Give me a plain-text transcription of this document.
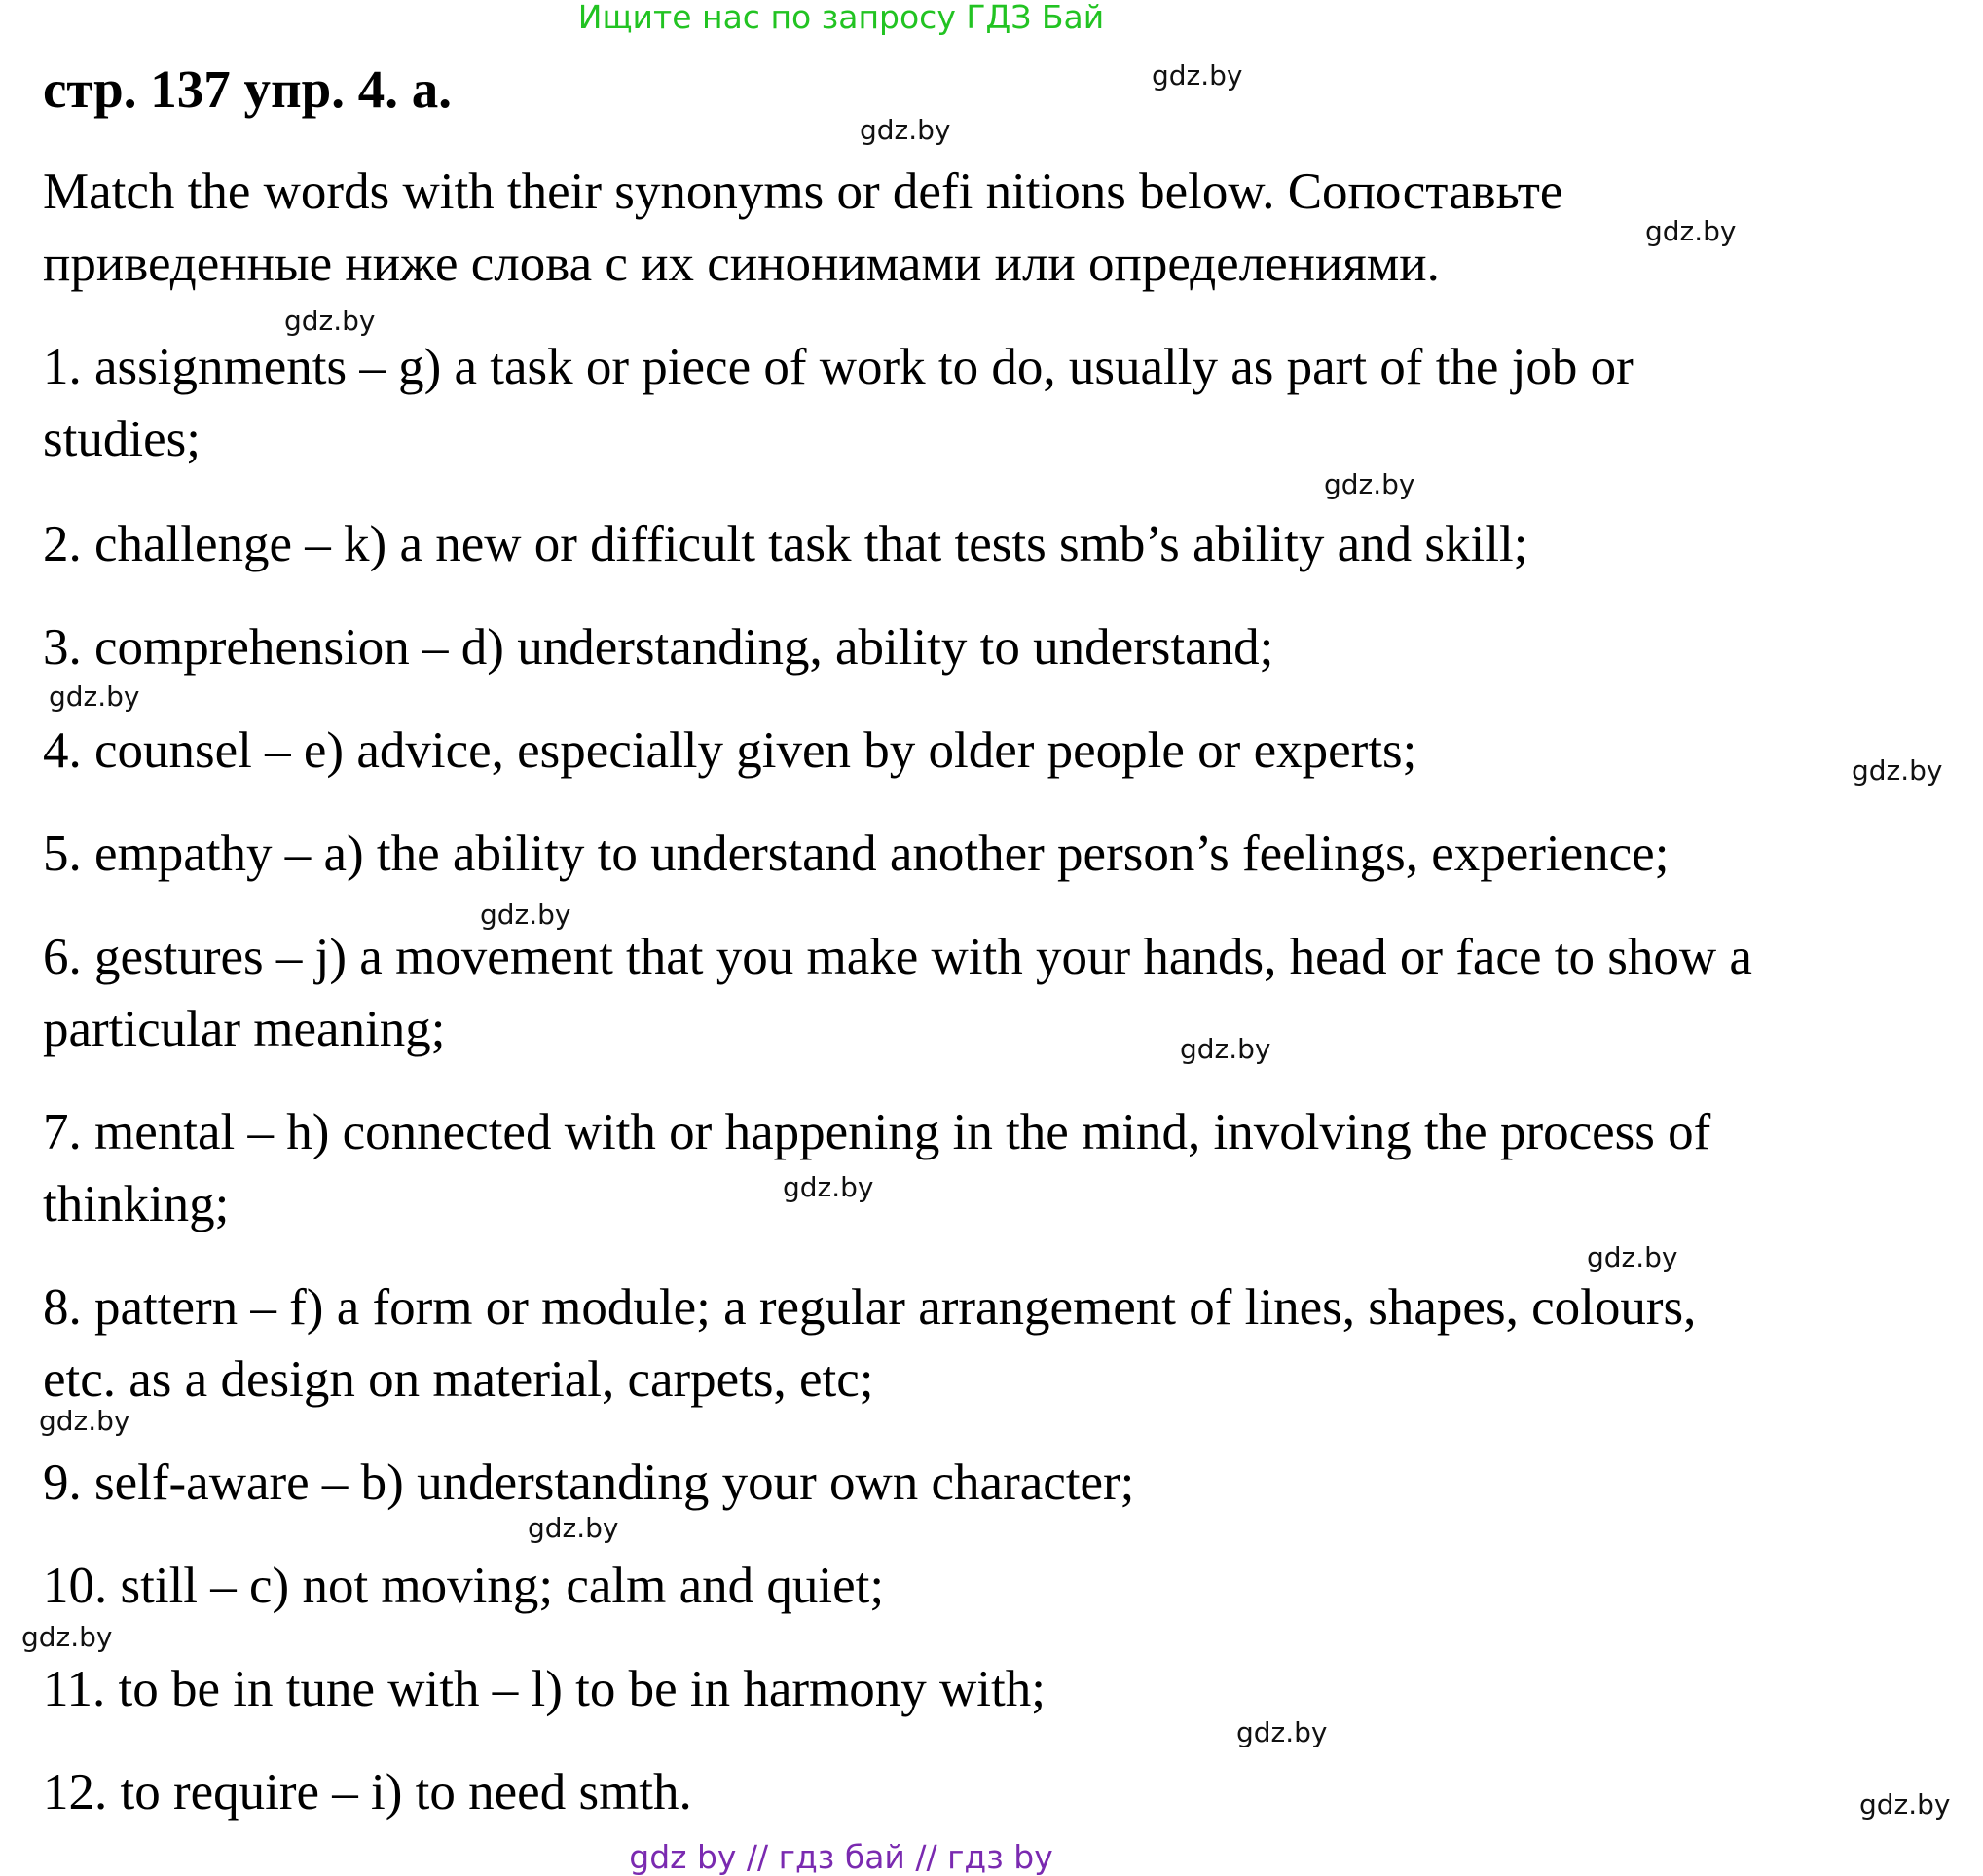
Ищите нас по запросу ГДЗ Бай
стр. 137 упр. 4. а.
Match the words with their synonyms or defi nitions below. Сопоставьте
приведенные ниже слова с их синонимами или определениями.
1. assignments – g) a task or piece of work to do, usually as part of the job or
studies;
2. challenge – k) a new or difficult task that tests smb’s ability and skill;
3. comprehension – d) understanding, ability to understand;
4. counsel – e) advice, especially given by older people or experts;
5. empathy – a) the ability to understand another person’s feelings, experience;
6. gestures – j) a movement that you make with your hands, head or face to show a
particular meaning;
7. mental – h) connected with or happening in the mind, involving the process of
thinking;
8. pattern – f) a form or module; a regular arrangement of lines, shapes, colours,
etc. as a design on material, carpets, etc;
9. self-aware – b) understanding your own character;
10. still – c) not moving; calm and quiet;
11. to be in tune with – l) to be in harmony with;
12. to require – i) to need smth.
gdz.by
gdz.by
gdz.by
gdz.by
gdz.by
gdz.by
gdz.by
gdz.by
gdz.by
gdz.by
gdz.by
gdz.by
gdz.by
gdz.by
gdz.by
gdz.by
gdz by // гдз бай // гдз by
